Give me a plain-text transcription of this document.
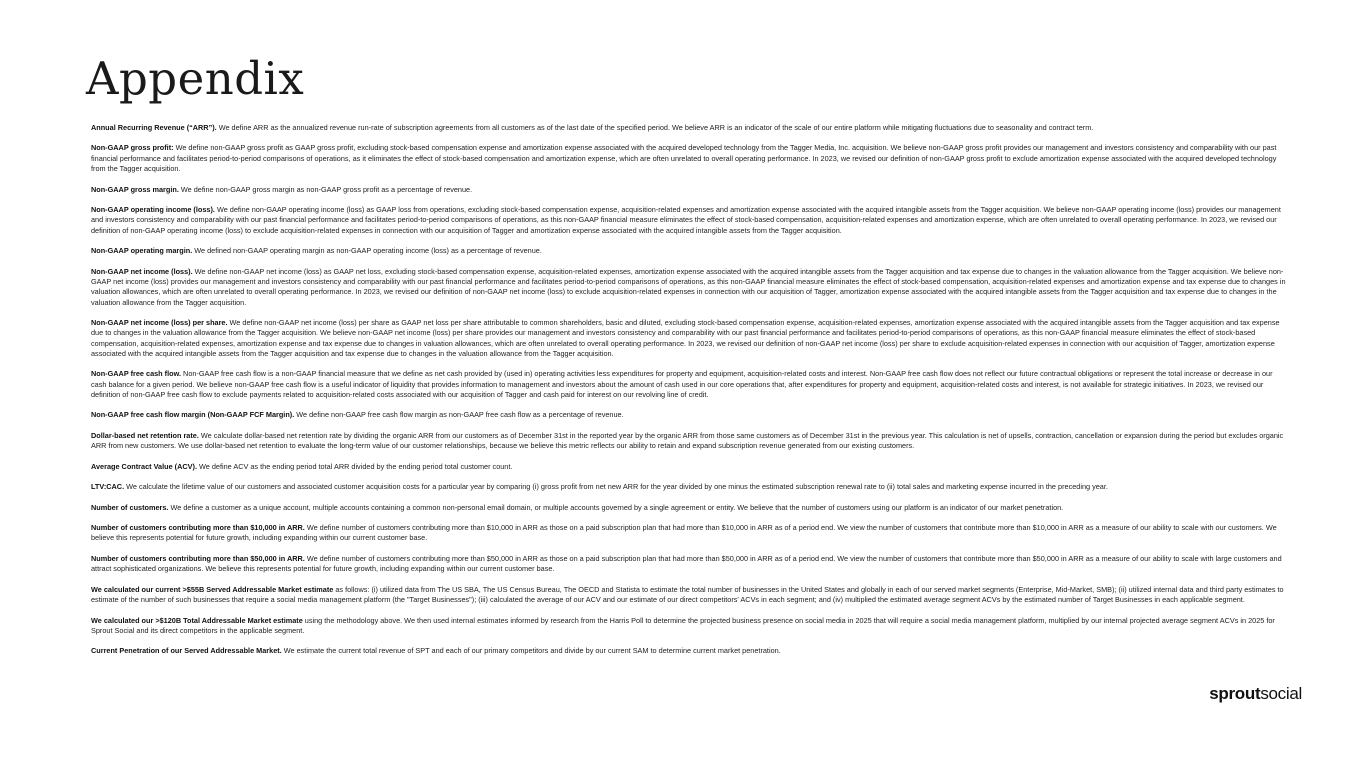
Appendix

Annual Recurring Revenue (“ARR”). We define ARR as the annualized revenue run-rate of subscription agreements from all customers as of the last date of the specified period. We believe ARR is an indicator of the scale of our entire platform while mitigating fluctuations due to seasonality and contract term.

Non-GAAP gross profit: We define non-GAAP gross profit as GAAP gross profit, excluding stock-based compensation expense and amortization expense associated with the acquired developed technology from the Tagger Media, Inc. acquisition. We believe non-GAAP gross profit provides our management and investors consistency and comparability with our past financial performance and facilitates period-to-period comparisons of operations, as it eliminates the effect of stock-based compensation and amortization expense, which are often unrelated to overall operating performance. In 2023, we revised our definition of non-GAAP gross profit to exclude amortization expense associated with the acquired developed technology from the Tagger acquisition.

Non-GAAP gross margin. We define non-GAAP gross margin as non-GAAP gross profit as a percentage of revenue.

Non-GAAP operating income (loss). We define non-GAAP operating income (loss) as GAAP loss from operations, excluding stock-based compensation expense, acquisition-related expenses and amortization expense associated with the acquired intangible assets from the Tagger acquisition. We believe non-GAAP operating income (loss) provides our management and investors consistency and comparability with our past financial performance and facilitates period-to-period comparisons of operations, as this non-GAAP financial measure eliminates the effect of stock-based compensation, acquisition-related expenses and amortization expense, which are often unrelated to overall operating performance. In 2023, we revised our definition of non-GAAP operating income (loss) to exclude acquisition-related expenses in connection with our acquisition of Tagger and amortization expense associated with the acquired intangible assets from the Tagger acquisition.

Non-GAAP operating margin. We defined non-GAAP operating margin as non-GAAP operating income (loss) as a percentage of revenue.

Non-GAAP net income (loss). We define non-GAAP net income (loss) as GAAP net loss, excluding stock-based compensation expense, acquisition-related expenses, amortization expense associated with the acquired intangible assets from the Tagger acquisition and tax expense due to changes in the valuation allowance from the Tagger acquisition. We believe non-GAAP net income (loss) provides our management and investors consistency and comparability with our past financial performance and facilitates period-to-period comparisons of operations, as this non-GAAP financial measure eliminates the effect of stock-based compensation, acquisition-related expenses and amortization expense and tax expense due to changes in valuation allowances, which are often unrelated to overall operating performance. In 2023, we revised our definition of non-GAAP net income (loss) to exclude acquisition-related expenses in connection with our acquisition of Tagger, amortization expense associated with the acquired intangible assets from the Tagger acquisition and tax expense due to changes in the valuation allowance from the Tagger acquisition.

Non-GAAP net income (loss) per share. We define non-GAAP net income (loss) per share as GAAP net loss per share attributable to common shareholders, basic and diluted, excluding stock-based compensation expense, acquisition-related expenses, amortization expense associated with the acquired intangible assets from the Tagger acquisition and tax expense due to changes in the valuation allowance from the Tagger acquisition. We believe non-GAAP net income (loss) per share provides our management and investors consistency and comparability with our past financial performance and facilitates period-to-period comparisons of operations, as this non-GAAP financial measure eliminates the effect of stock-based compensation, acquisition-related expenses, amortization expense and tax expense due to changes in valuation allowances, which are often unrelated to overall operating performance. In 2023, we revised our definition of non-GAAP net income (loss) per share to exclude acquisition-related expenses in connection with our acquisition of Tagger, amortization expense associated with the acquired intangible assets from the Tagger acquisition and tax expense due to changes in the valuation allowance from the Tagger acquisition.

Non-GAAP free cash flow. Non-GAAP free cash flow is a non-GAAP financial measure that we define as net cash provided by (used in) operating activities less expenditures for property and equipment, acquisition-related costs and interest. Non-GAAP free cash flow does not reflect our future contractual obligations or represent the total increase or decrease in our cash balance for a given period. We believe non-GAAP free cash flow is a useful indicator of liquidity that provides information to management and investors about the amount of cash used in our core operations that, after expenditures for property and equipment, acquisition-related costs and interest, is not available for strategic initiatives. In 2023, we revised our definition of non-GAAP free cash flow to exclude payments related to acquisition-related costs associated with our acquisition of Tagger and cash paid for interest on our revolving line of credit.

Non-GAAP free cash flow margin (Non-GAAP FCF Margin). We define non-GAAP free cash flow margin as non-GAAP free cash flow as a percentage of revenue.

Dollar-based net retention rate. We calculate dollar-based net retention rate by dividing the organic ARR from our customers as of December 31st in the reported year by the organic ARR from those same customers as of December 31st in the previous year. This calculation is net of upsells, contraction, cancellation or expansion during the period but excludes organic ARR from new customers. We use dollar-based net retention to evaluate the long-term value of our customer relationships, because we believe this metric reflects our ability to retain and expand subscription revenue generated from our existing customers.

Average Contract Value (ACV). We define ACV as the ending period total ARR divided by the ending period total customer count.

LTV:CAC. We calculate the lifetime value of our customers and associated customer acquisition costs for a particular year by comparing (i) gross profit from net new ARR for the year divided by one minus the estimated subscription renewal rate to (ii) total sales and marketing expense incurred in the preceding year.

Number of customers. We define a customer as a unique account, multiple accounts containing a common non-personal email domain, or multiple accounts governed by a single agreement or entity. We believe that the number of customers using our platform is an indicator of our market penetration.

Number of customers contributing more than $10,000 in ARR. We define number of customers contributing more than $10,000 in ARR as those on a paid subscription plan that had more than $10,000 in ARR as of a period end. We view the number of customers that contribute more than $10,000 in ARR as a measure of our ability to scale with our customers. We believe this represents potential for future growth, including expanding within our current customer base.

Number of customers contributing more than $50,000 in ARR. We define number of customers contributing more than $50,000 in ARR as those on a paid subscription plan that had more than $50,000 in ARR as of a period end. We view the number of customers that contribute more than $50,000 in ARR as a measure of our ability to scale with large customers and attract sophisticated organizations. We believe this represents potential for future growth, including expanding within our current customer base.

We calculated our current >$55B Served Addressable Market estimate as follows: (i) utilized data from The US SBA, The US Census Bureau, The OECD and Statista to estimate the total number of businesses in the United States and globally in each of our served market segments (Enterprise, Mid-Market, SMB); (ii) utilized internal data and third party estimates to estimate of the number of such businesses that require a social media management platform (the "Target Businesses"); (iii) calculated the average of our ACV and our estimate of our direct competitors' ACVs in each segment; and (iv) multiplied the estimated average segment ACVs by the estimated number of Target Businesses in each applicable segment.

We calculated our >$120B Total Addressable Market estimate using the methodology above. We then used internal estimates informed by research from the Harris Poll to determine the projected business presence on social media in 2025 that will require a social media management platform, multiplied by our internal projected average segment ACVs in 2025 for Sprout Social and its direct competitors in the applicable segment.

Current Penetration of our Served Addressable Market. We estimate the current total revenue of SPT and each of our primary competitors and divide by our current SAM to determine current market penetration.

sproutsocial
